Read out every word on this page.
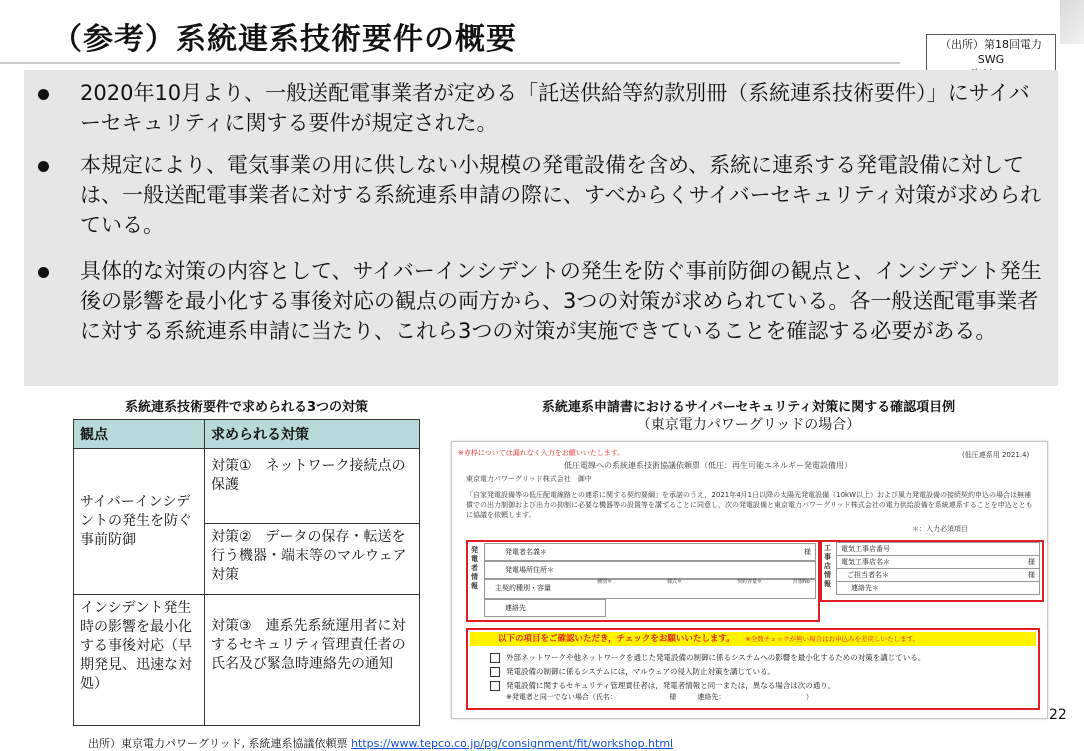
（参考）系統連系技術要件の概要	（出所）第18回電力SWG
2020年10月より、一般送配電事業者が定める「託送供給等約款別冊（系統連系技術要件）」にサイバーセキュリティに関する要件が規定された。
本規定により、電気事業の用に供しない小規模の発電設備を含め、系統に連系する発電設備に対しては、一般送配電事業者に対する系統連系申請の際に、すべからくサイバーセキュリティ対策が求められている。
具体的な対策の内容として、サイバーインシデントの発生を防ぐ事前防御の観点と、インシデント発生後の影響を最小化する事後対応の観点の両方から、3つの対策が求められている。各一般送配電事業者に対する系統連系申請に当たり、これら3つの対策が実施できていることを確認する必要がある。
系統連系技術要件で求められる3つの対策
観点	求められる対策
サイバーインシデントの発生を防ぐ事前防御	対策①　ネットワーク接続点の保護
	対策②　データの保存・転送を行う機器・端末等のマルウェア対策
インシデント発生時の影響を最小化する事後対応（早期発見、迅速な対処）	対策③　連系先系統運用者に対するセキュリティ管理責任者の氏名及び緊急時連絡先の通知
系統連系申請書におけるサイバーセキュリティ対策に関する確認項目例
（東京電力パワーグリッドの場合）
※赤枠については漏れなく入力をお願いいたします。	(低圧連系用 2021.4)
低圧電線への系統連系技術協議依頼票（低圧：再生可能エネルギー発電設備用）
東京電力パワーグリッド株式会社　御中
「自家発電設備等の低圧配電線路との連系に関する契約要綱」を承諾のうえ，2021年4月1日以降の太陽光発電設備（10kW以上）および風力発電設備の接続契約申込の場合は無補償での出力制御および出力の抑制に必要な機器等の設置等を講ずることに同意し，次の発電設備と東京電力パワーグリッド株式会社の電力供給設備を系統連系することを申込とともに協議を依頼します。
＊：入力必須項目
発電者情報
発電者名義＊	様
発電場所住所＊
主契約種別・容量
種別＊	様式＊	契約容量＊	計器No
連絡先
工事店情報
電気工事店番号
電気工事店名＊	様
ご担当者名＊	様
連絡先＊
以下の項目をご確認いただき，チェックをお願いいたします。 ※全数チェックが無い場合はお申込みを差戻しいたします。
外部ネットワークや他ネットワークを通じた発電設備の制御に係るシステムへの影響を最小化するための対策を講じている。
発電設備の制御に係るシステムには，マルウェアの侵入防止対策を講じている。
発電設備に関するセキュリティ管理責任者は，発電者情報と同一または，異なる場合は次の通り。
※発電者と同一でない場合（氏名：　　　　　　　　様　　　連絡先：　　　　　　　　　　　　）
22
出所）東京電力パワーグリッド, 系統連系協議依頼票 https://www.tepco.co.jp/pg/consignment/fit/workshop.html
